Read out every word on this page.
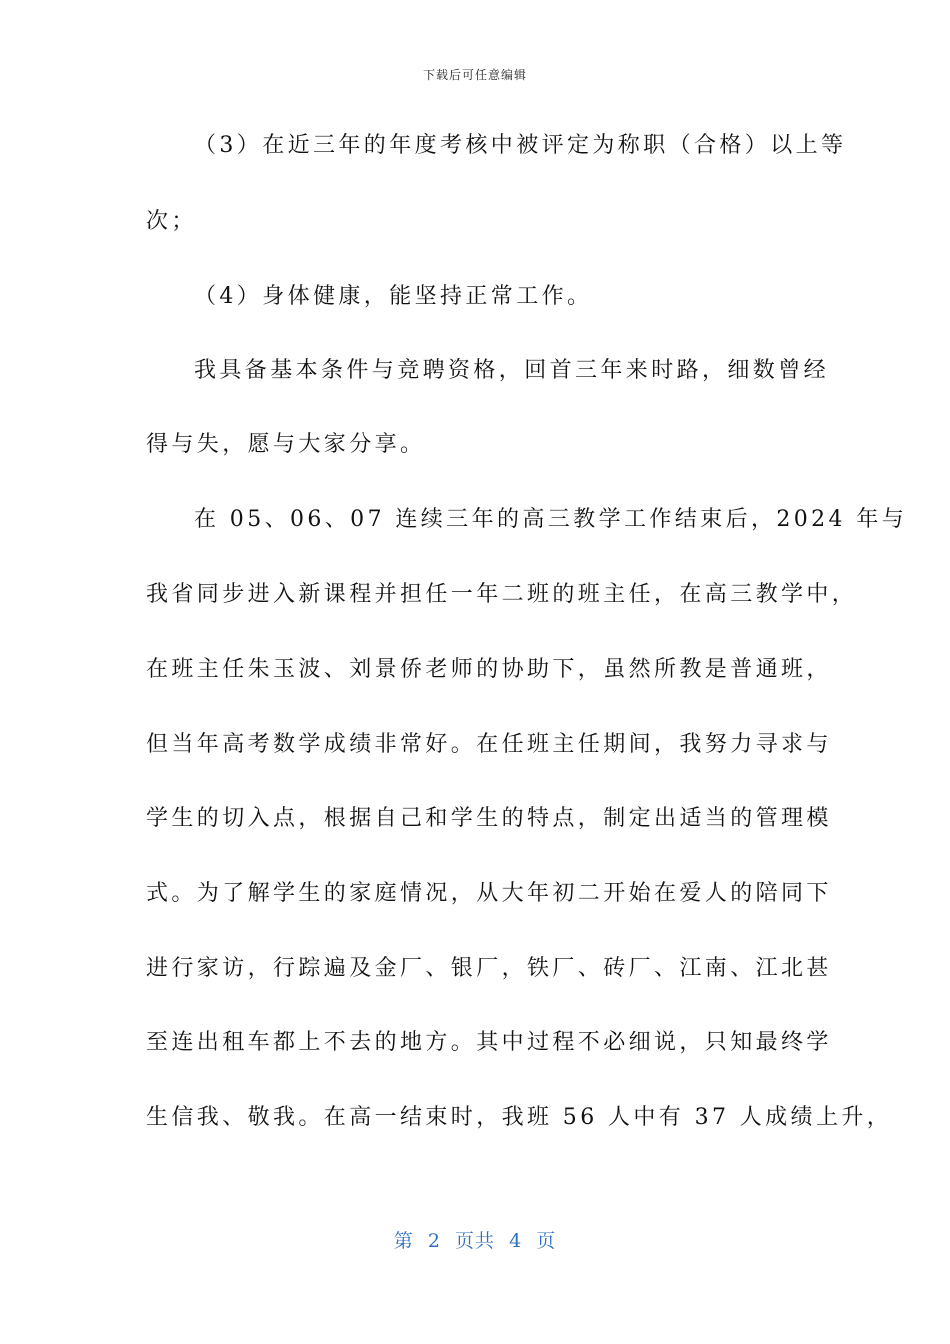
下载后可任意编辑
（3）在近三年的年度考核中被评定为称职（合格）以上等
次；
（4）身体健康，能坚持正常工作。
我具备基本条件与竞聘资格，回首三年来时路，细数曾经
得与失，愿与大家分享。
在 05、06、07 连续三年的高三教学工作结束后，2024 年与
我省同步进入新课程并担任一年二班的班主任，在高三教学中，
在班主任朱玉波、刘景侨老师的协助下，虽然所教是普通班，
但当年高考数学成绩非常好。在任班主任期间，我努力寻求与
学生的切入点，根据自己和学生的特点，制定出适当的管理模
式。为了解学生的家庭情况，从大年初二开始在爱人的陪同下
进行家访，行踪遍及金厂、银厂，铁厂、砖厂、江南、江北甚
至连出租车都上不去的地方。其中过程不必细说，只知最终学
生信我、敬我。在高一结束时，我班 56 人中有 37 人成绩上升，
第  2  页共  4  页
